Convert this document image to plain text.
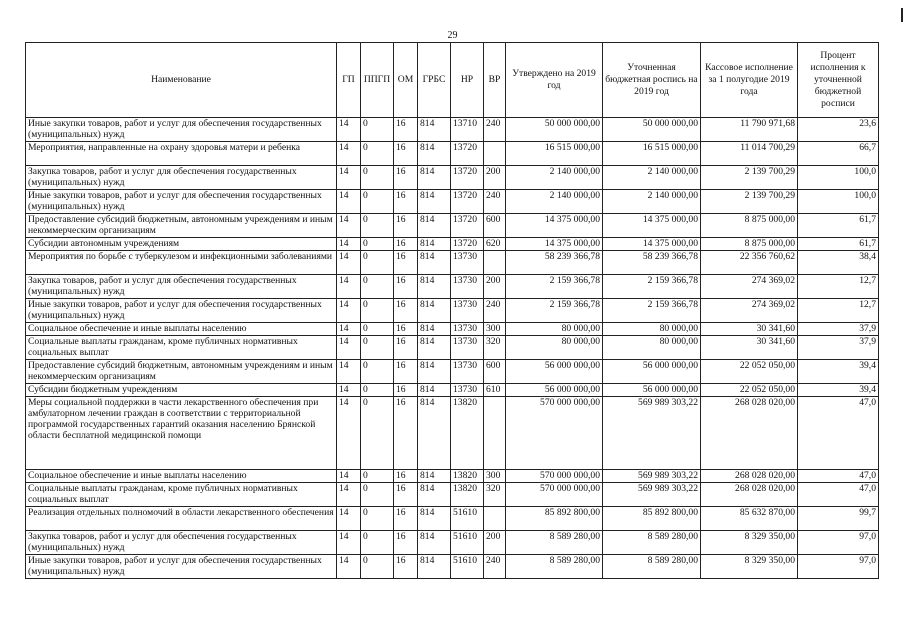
29
Наименование	ГП	ППГП	ОМ	ГРБС	НР	ВР	Утверждено на 2019 год	Уточненная бюджетная роспись на 2019 год	Кассовое исполнение за 1 полугодие 2019 года	Процент исполнения к уточненной бюджетной росписи
Иные закупки товаров, работ и услуг для обеспечения государственных (муниципальных) нужд	14	0	16	814	13710	240	50 000 000,00	50 000 000,00	11 790 971,68	23,6
Мероприятия, направленные на охрану здоровья матери и ребенка	14	0	16	814	13720		16 515 000,00	16 515 000,00	11 014 700,29	66,7
Закупка товаров, работ и услуг для обеспечения государственных (муниципальных) нужд	14	0	16	814	13720	200	2 140 000,00	2 140 000,00	2 139 700,29	100,0
Иные закупки товаров, работ и услуг для обеспечения государственных (муниципальных) нужд	14	0	16	814	13720	240	2 140 000,00	2 140 000,00	2 139 700,29	100,0
Предоставление субсидий бюджетным, автономным учреждениям и иным некоммерческим организациям	14	0	16	814	13720	600	14 375 000,00	14 375 000,00	8 875 000,00	61,7
Субсидии автономным учреждениям	14	0	16	814	13720	620	14 375 000,00	14 375 000,00	8 875 000,00	61,7
Мероприятия по борьбе с туберкулезом и инфекционными заболеваниями	14	0	16	814	13730		58 239 366,78	58 239 366,78	22 356 760,62	38,4
Закупка товаров, работ и услуг для обеспечения государственных (муниципальных) нужд	14	0	16	814	13730	200	2 159 366,78	2 159 366,78	274 369,02	12,7
Иные закупки товаров, работ и услуг для обеспечения государственных (муниципальных) нужд	14	0	16	814	13730	240	2 159 366,78	2 159 366,78	274 369,02	12,7
Социальное обеспечение и иные выплаты населению	14	0	16	814	13730	300	80 000,00	80 000,00	30 341,60	37,9
Социальные выплаты гражданам, кроме публичных нормативных социальных выплат	14	0	16	814	13730	320	80 000,00	80 000,00	30 341,60	37,9
Предоставление субсидий бюджетным, автономным учреждениям и иным некоммерческим организациям	14	0	16	814	13730	600	56 000 000,00	56 000 000,00	22 052 050,00	39,4
Субсидии бюджетным учреждениям	14	0	16	814	13730	610	56 000 000,00	56 000 000,00	22 052 050,00	39,4
Меры социальной поддержки в части лекарственного обеспечения при амбулаторном лечении граждан в соответствии с территориальной программой государственных гарантий оказания населению Брянской области бесплатной медицинской помощи	14	0	16	814	13820		570 000 000,00	569 989 303,22	268 028 020,00	47,0
Социальное обеспечение и иные выплаты населению	14	0	16	814	13820	300	570 000 000,00	569 989 303,22	268 028 020,00	47,0
Социальные выплаты гражданам, кроме публичных нормативных социальных выплат	14	0	16	814	13820	320	570 000 000,00	569 989 303,22	268 028 020,00	47,0
Реализация отдельных полномочий в области лекарственного обеспечения	14	0	16	814	51610		85 892 800,00	85 892 800,00	85 632 870,00	99,7
Закупка товаров, работ и услуг для обеспечения государственных (муниципальных) нужд	14	0	16	814	51610	200	8 589 280,00	8 589 280,00	8 329 350,00	97,0
Иные закупки товаров, работ и услуг для обеспечения государственных (муниципальных) нужд	14	0	16	814	51610	240	8 589 280,00	8 589 280,00	8 329 350,00	97,0
